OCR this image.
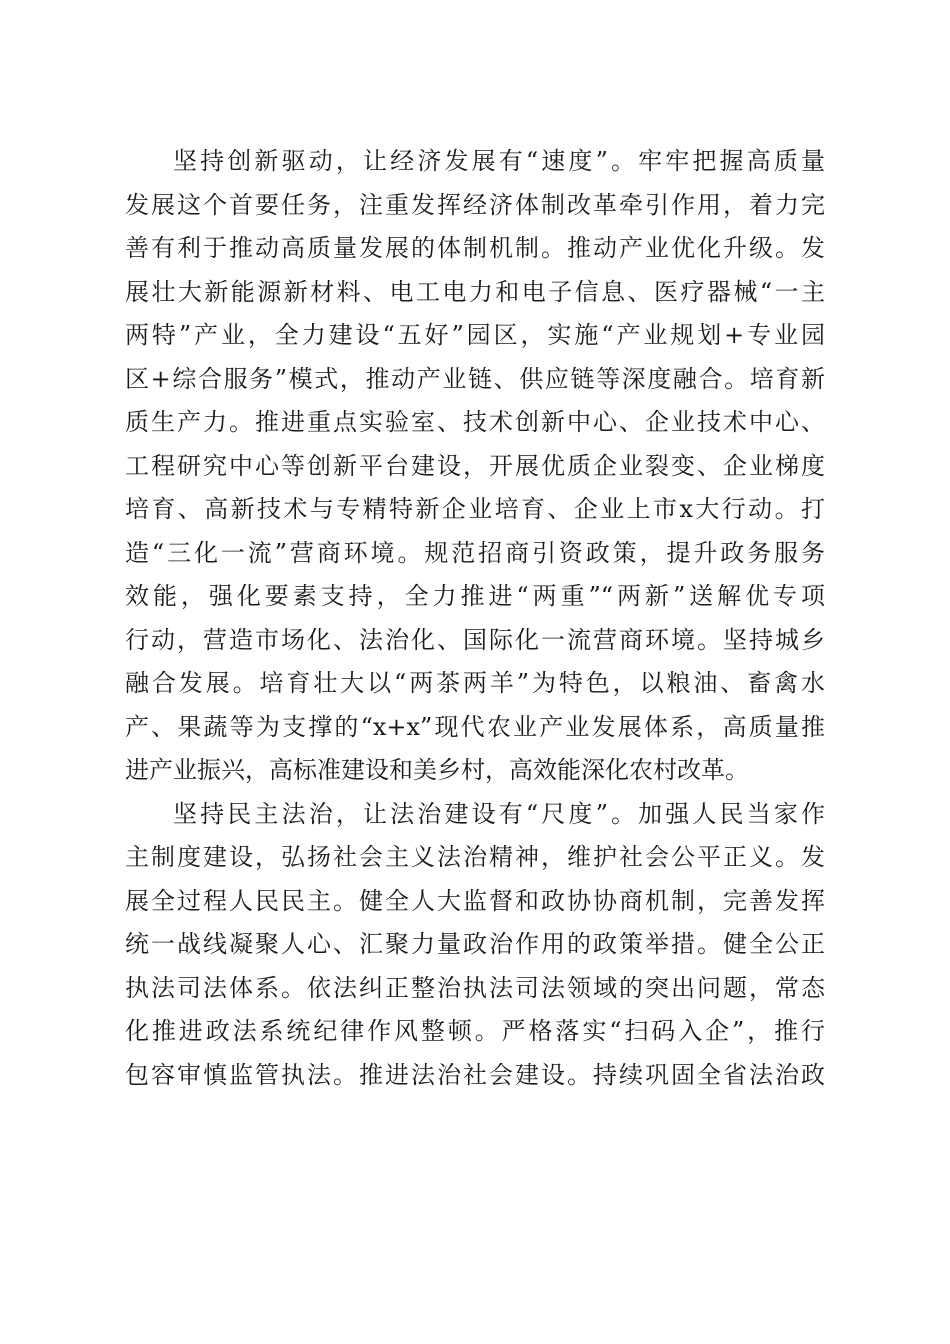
坚持创新驱动，让经济发展有“速度”。牢牢把握高质量
发展这个首要任务，注重发挥经济体制改革牵引作用，着力完
善有利于推动高质量发展的体制机制。推动产业优化升级。发
展壮大新能源新材料、电工电力和电子信息、医疗器械“一主
两特”产业，全力建设“五好”园区，实施“产业规划+专业园
区+综合服务”模式，推动产业链、供应链等深度融合。培育新
质生产力。推进重点实验室、技术创新中心、企业技术中心、
工程研究中心等创新平台建设，开展优质企业裂变、企业梯度
培育、高新技术与专精特新企业培育、企业上市x大行动。打
造“三化一流”营商环境。规范招商引资政策，提升政务服务
效能，强化要素支持，全力推进“两重”“两新”送解优专项
行动，营造市场化、法治化、国际化一流营商环境。坚持城乡
融合发展。培育壮大以“两茶两羊”为特色，以粮油、畜禽水
产、果蔬等为支撑的“x+x”现代农业产业发展体系，高质量推
进产业振兴，高标准建设和美乡村，高效能深化农村改革。
坚持民主法治，让法治建设有“尺度”。加强人民当家作
主制度建设，弘扬社会主义法治精神，维护社会公平正义。发
展全过程人民民主。健全人大监督和政协协商机制，完善发挥
统一战线凝聚人心、汇聚力量政治作用的政策举措。健全公正
执法司法体系。依法纠正整治执法司法领域的突出问题，常态
化推进政法系统纪律作风整顿。严格落实“扫码入企”，推行
包容审慎监管执法。推进法治社会建设。持续巩固全省法治政
